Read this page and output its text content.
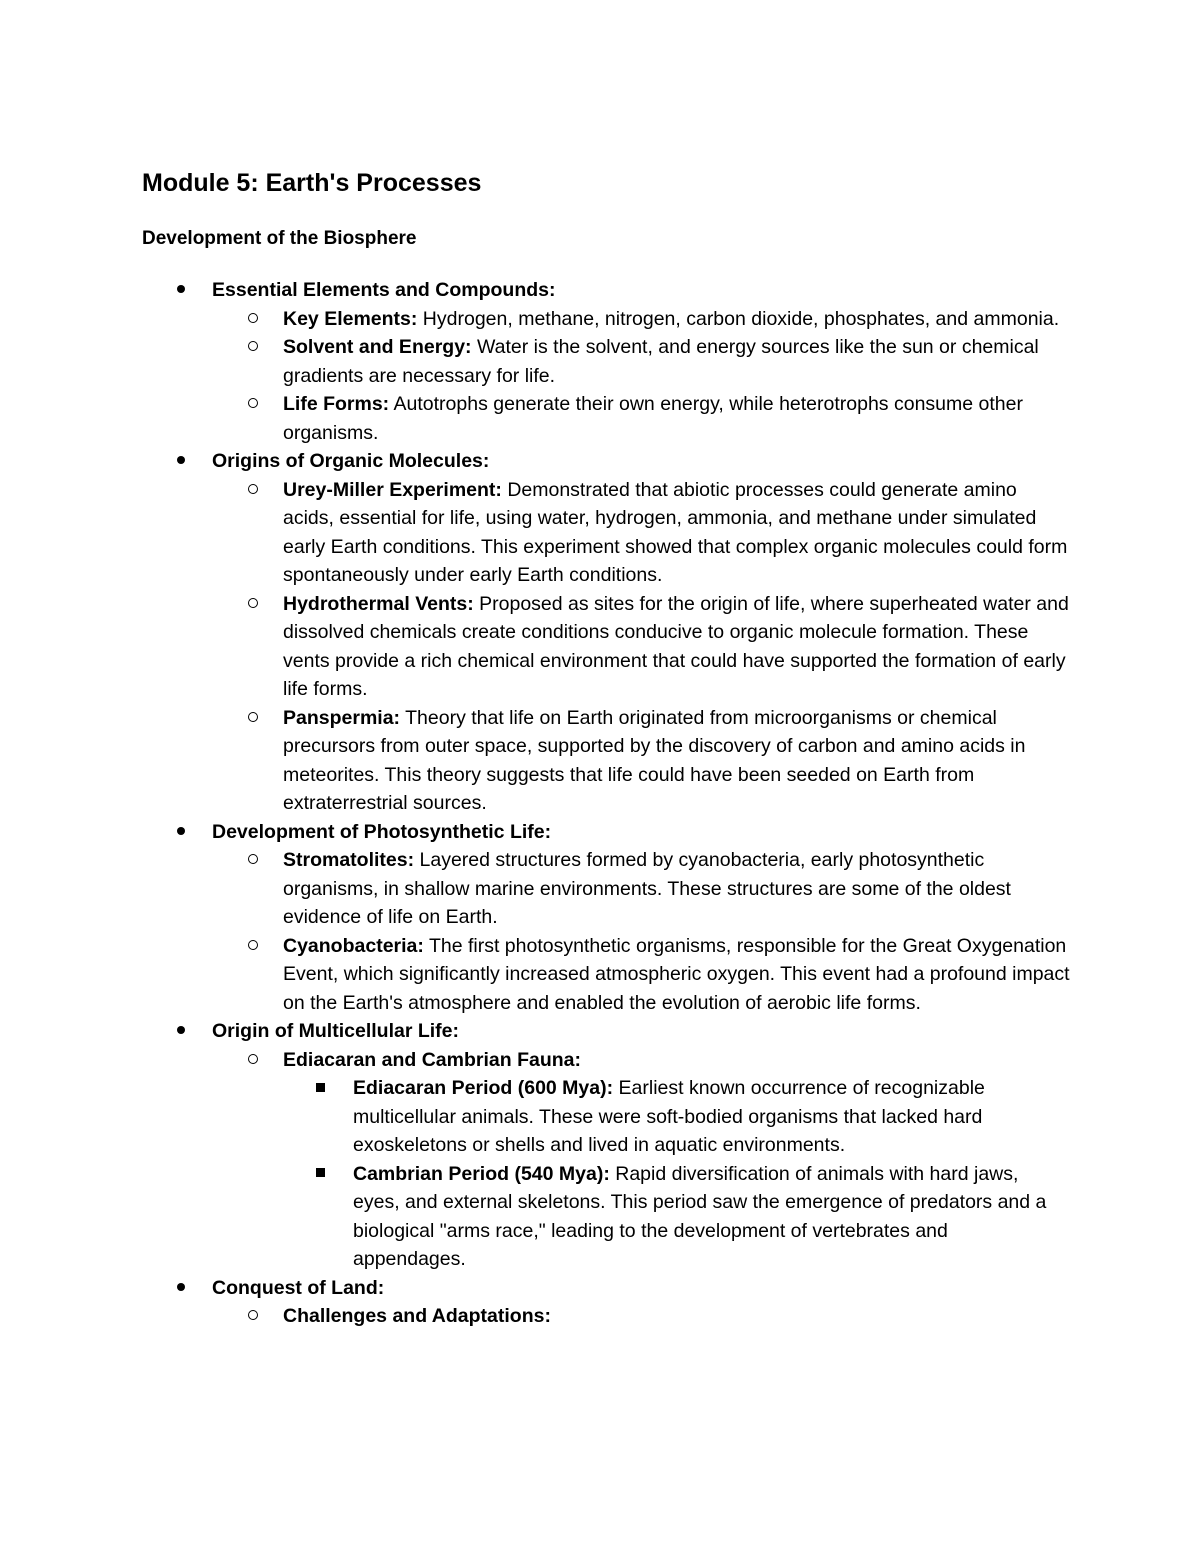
Module 5: Earth's Processes
Development of the Biosphere
Essential Elements and Compounds:
Key Elements: Hydrogen, methane, nitrogen, carbon dioxide, phosphates, and ammonia.
Solvent and Energy: Water is the solvent, and energy sources like the sun or chemical gradients are necessary for life.
Life Forms: Autotrophs generate their own energy, while heterotrophs consume other organisms.
Origins of Organic Molecules:
Urey-Miller Experiment: Demonstrated that abiotic processes could generate amino acids, essential for life, using water, hydrogen, ammonia, and methane under simulated early Earth conditions. This experiment showed that complex organic molecules could form spontaneously under early Earth conditions.
Hydrothermal Vents: Proposed as sites for the origin of life, where superheated water and dissolved chemicals create conditions conducive to organic molecule formation. These vents provide a rich chemical environment that could have supported the formation of early life forms.
Panspermia: Theory that life on Earth originated from microorganisms or chemical precursors from outer space, supported by the discovery of carbon and amino acids in meteorites. This theory suggests that life could have been seeded on Earth from extraterrestrial sources.
Development of Photosynthetic Life:
Stromatolites: Layered structures formed by cyanobacteria, early photosynthetic organisms, in shallow marine environments. These structures are some of the oldest evidence of life on Earth.
Cyanobacteria: The first photosynthetic organisms, responsible for the Great Oxygenation Event, which significantly increased atmospheric oxygen. This event had a profound impact on the Earth's atmosphere and enabled the evolution of aerobic life forms.
Origin of Multicellular Life:
Ediacaran and Cambrian Fauna:
Ediacaran Period (600 Mya): Earliest known occurrence of recognizable multicellular animals. These were soft-bodied organisms that lacked hard exoskeletons or shells and lived in aquatic environments.
Cambrian Period (540 Mya): Rapid diversification of animals with hard jaws, eyes, and external skeletons. This period saw the emergence of predators and a biological "arms race," leading to the development of vertebrates and appendages.
Conquest of Land:
Challenges and Adaptations:
